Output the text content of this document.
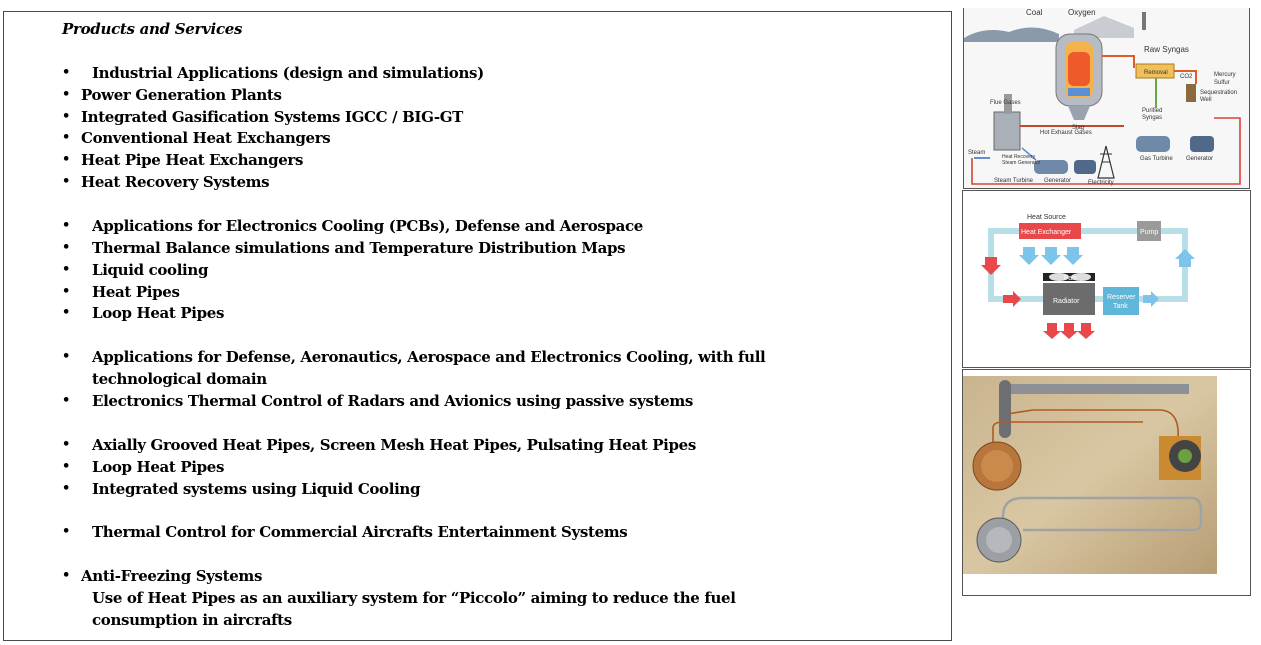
Products and Services
• Industrial Applications (design and simulations)
• Power Generation Plants
• Integrated Gasification Systems IGCC / BIG-GT
• Conventional Heat Exchangers
• Heat Pipe Heat Exchangers
• Heat Recovery Systems
• Applications for Electronics Cooling (PCBs), Defense and Aerospace
• Thermal Balance simulations and Temperature Distribution Maps
• Liquid cooling
• Heat Pipes
• Loop Heat Pipes
• Applications for Defense, Aeronautics, Aerospace and Electronics Cooling, with full
technological domain
• Electronics Thermal Control of Radars and Avionics using passive systems
• Axially Grooved Heat Pipes, Screen Mesh Heat Pipes, Pulsating Heat Pipes
• Loop Heat Pipes
• Integrated systems using Liquid Cooling
• Thermal Control for Commercial Aircrafts Entertainment Systems
• Anti-Freezing Systems
Use of Heat Pipes as an auxiliary system for “Piccolo” aiming to reduce the fuel
consumption in aircrafts
Coal	Oxygen
Raw Syngas
Removal
CO2	Mercury
Sulfur
Sequestration
Well
Flue Gases
Purified
Syngas
Slag
Hot Exhaust Gases
Heat Recovery
Steam Generator
Gas Turbine Generator
Steam
Steam Turbine Generator	Electricity
Heat Source
Heat Exchanger	Pump
Fan
Radiator
Reserver
Tank
